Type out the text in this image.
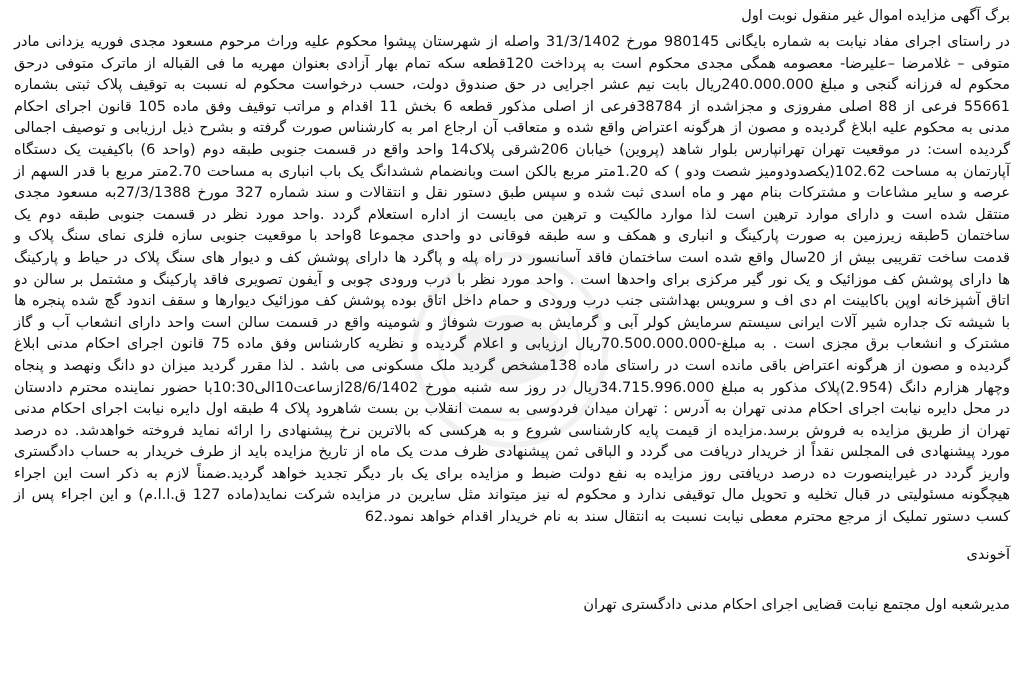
برگ آگهی مزایده اموال غیر منقول نوبت اول

در راستای اجرای مفاد نیابت به شماره بایگانی 980145 مورخ 31/3/1402 واصله از شهرستان پیشوا محکوم علیه وراث مرحوم مسعود مجدی فوریه یزدانی مادر متوفی – غلامرضا –علیرضا- معصومه همگی مجدی محکوم است به پرداخت 120قطعه سکه تمام بهار آزادی بعنوان مهریه ما فی القباله از ماترک متوفی درحق محکوم له فرزانه گنجی و مبلغ 240.000.000ریال بابت نیم عشر اجرایی در حق صندوق دولت، حسب درخواست محکوم له نسبت به توقیف پلاک ثبتی بشماره 55661 فرعی از 88 اصلی مفروزی و مجزاشده از 38784فرعی از اصلی مذکور قطعه 6 بخش 11 اقدام و مراتب توقیف وفق ماده 105 قانون اجرای احکام مدنی به محکوم علیه ابلاغ گردیده و مصون از هرگونه اعتراض واقع شده و متعاقب آن ارجاع امر به کارشناس صورت گرفته و بشرح ذیل ارزیابی و توصیف اجمالی گردیده است: در موقعیت تهران تهرانپارس بلوار شاهد (پروین) خیابان 206شرقی پلاک14 واحد واقع در قسمت جنوبی طبقه دوم (واحد 6) باکیفیت یک دستگاه آپارتمان به مساحت 102.62(یکصدودومیز شصت ودو ) که 1.20متر مربع بالکن است وبانضمام ششدانگ یک باب انباری به مساحت 2.70متر مربع با قدر السهم از عرصه و سایر مشاعات و مشترکات بنام مهر و ماه اسدی ثبت شده و سپس طبق دستور نقل و انتقالات و سند شماره 327 مورخ 27/3/1388به مسعود مجدی منتقل شده است و دارای موارد ترهین است لذا موارد مالکیت و ترهین می بایست از اداره استعلام گردد .واحد مورد نظر در قسمت جنوبی طبقه دوم یک ساختمان 5طبقه زیرزمین به صورت پارکینگ و انباری و همکف و سه طبقه فوقانی دو واحدی مجموعا 8واحد با موقعیت جنوبی سازه فلزی نمای سنگ پلاک و قدمت ساخت تقریبی بیش از 20سال واقع شده است ساختمان فاقد آسانسور در راه پله و پاگرد ها دارای پوشش کف و دیوار های سنگ پلاک در حیاط و پارکینگ ها دارای پوشش کف موزائیک و یک نور گیر مرکزی برای واحدها است . واحد مورد نظر با درب ورودی چوبی و آیفون تصویری فاقد پارکینگ و مشتمل بر سالن دو اتاق آشپزخانه اوپن باکابینت ام دی اف و سرویس بهداشتی جنب درب ورودی و حمام داخل اتاق بوده پوشش کف موزائیک دیوارها و سقف اندود گچ شده پنجره ها با شیشه تک جداره شیر آلات ایرانی سیستم سرمایش کولر آبی و گرمایش به صورت شوفاژ و شومینه واقع در قسمت سالن است واحد دارای انشعاب آب و گاز مشترک و انشعاب برق مجزی است . به مبلغ-70.500.000.000ریال ارزیابی و اعلام گردیده و نظریه کارشناس وفق ماده 75 قانون اجرای احکام مدنی ابلاغ گردیده و مصون از هرگونه اعتراض باقی مانده است در راستای ماده 138مشخص گردید ملک مسکونی می باشد . لذا مقرر گردید میزان دو دانگ ونهصد و پنجاه وچهار هزارم دانگ (2.954)پلاک مذکور به مبلغ 34.715.996.000ریال در روز سه شنبه مورخ 28/6/1402ازساعت10الی10:30با حضور نماینده محترم دادستان در محل دایره نیابت اجرای احکام مدنی تهران به آدرس : تهران میدان فردوسی به سمت انقلاب بن بست شاهرود پلاک 4 طبقه اول دایره نیابت اجرای احکام مدنی تهران از طریق مزایده به فروش برسد.مزایده از قیمت پایه کارشناسی شروع و به هرکسی که بالاترین نرخ پیشنهادی را ارائه نماید فروخته خواهدشد. ده درصد مورد پیشنهادی فی المجلس نقداً از خریدار دریافت می گردد و الباقی ثمن پیشنهادی ظرف مدت یک ماه از تاریخ مزایده باید از طرف خریدار به حساب دادگستری واریز گردد در غیراینصورت ده درصد دریافتی روز مزایده به نفع دولت ضبط و مزایده برای یک بار دیگر تجدید خواهد گردید.ضمناً لازم به ذکر است این اجراء هیچگونه مسئولیتی در قبال تخلیه و تحویل مال توقیفی ندارد و محکوم له نیز میتواند مثل سایرین در مزایده شرکت نماید(ماده 127 ق.ا.ا.م) و این اجراء پس از کسب دستور تملیک از مرجع محترم معطی نیابت نسبت به انتقال سند به نام خریدار اقدام خواهد نمود.62

آخوندی

مدیرشعبه اول مجتمع نیابت قضایی اجرای احکام مدنی دادگستری تهران
